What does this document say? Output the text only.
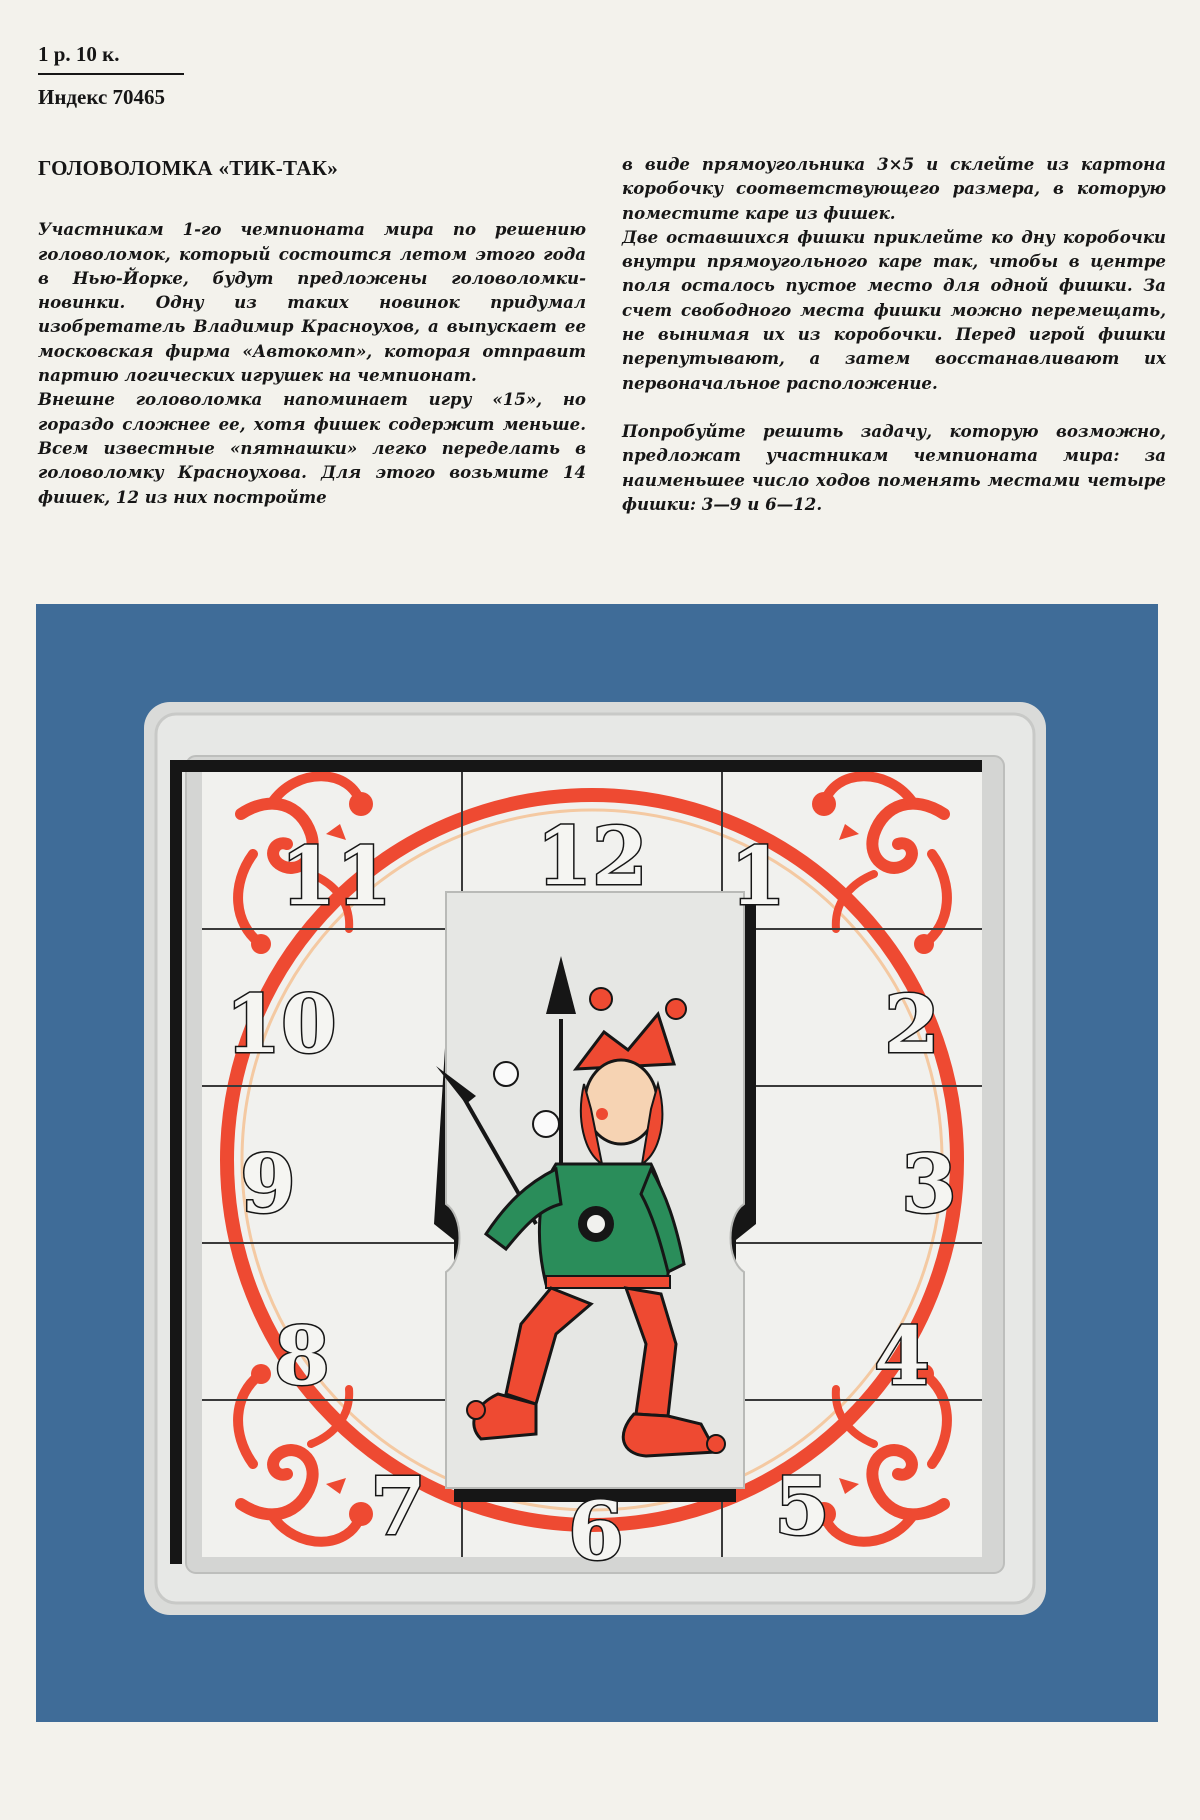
1 р. 10 к.
Индекс 70465

ГОЛОВОЛОМКА «ТИК-ТАК»

Участникам 1-го чемпионата мира по решению головоломок, который состоится летом этого года в Нью-Йорке, будут предложены головоломки-новинки. Одну из таких новинок придумал изобретатель Владимир Красноухов, а выпускает ее московская фирма «Автокомп», которая отправит партию логических игрушек на чемпионат.

Внешне головоломка напоминает игру «15», но гораздо сложнее ее, хотя фишек содержит меньше. Всем известные «пятнашки» легко переделать в головоломку Красноухова. Для этого возьмите 14 фишек, 12 из них постройте

в виде прямоугольника 3×5 и склейте из картона коробочку соответствующего размера, в которую поместите каре из фишек.

Две оставшихся фишки приклейте ко дну коробочки внутри прямоугольного каре так, чтобы в центре поля осталось пустое место для одной фишки. За счет свободного места фишки можно перемещать, не вынимая их из коробочки. Перед игрой фишки перепутывают, а затем восстанавливают их первоначальное расположение.

Попробуйте решить задачу, которую возможно, предложат участникам чемпионата мира: за наименьшее число ходов поменять местами четыре фишки: 3—9 и 6—12.

12
11	1
10	2
9	3
8	4
7	5
6
